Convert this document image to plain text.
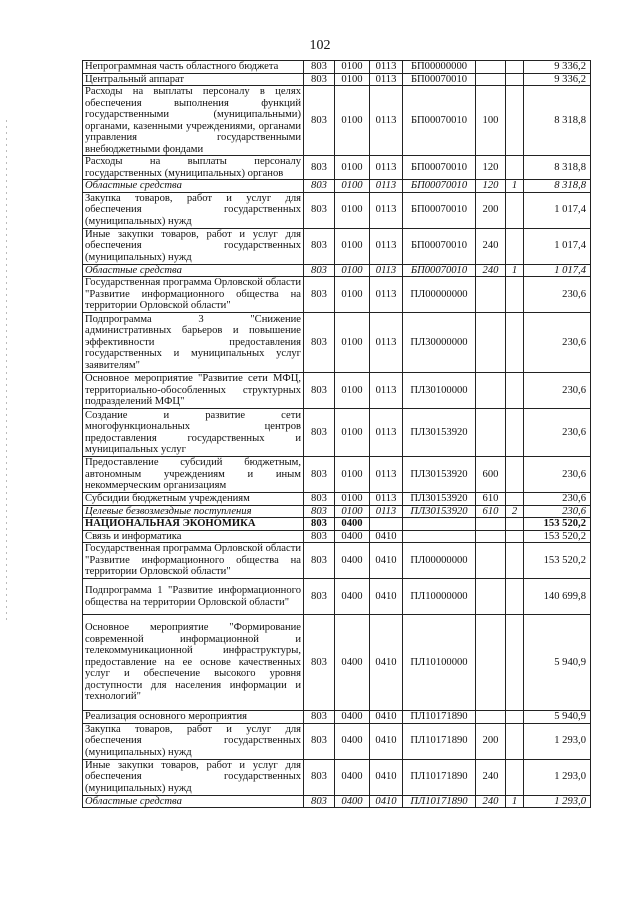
102
Непрограммная часть областного бюджета	803	0100	0113	БП00000000			9 336,2
Центральный аппарат	803	0100	0113	БП00070010			9 336,2
Расходы на выплаты персоналу в целях обеспечения выполнения функций государственными (муниципальными) органами, казенными учреждениями, органами управления государственными внебюджетными фондами	803	0100	0113	БП00070010	100		8 318,8
Расходы на выплаты персоналу государственных (муниципальных) органов	803	0100	0113	БП00070010	120		8 318,8
Областные средства	803	0100	0113	БП00070010	120	1	8 318,8
Закупка товаров, работ и услуг для обеспечения государственных (муниципальных) нужд	803	0100	0113	БП00070010	200		1 017,4
Иные закупки товаров, работ и услуг для обеспечения государственных (муниципальных) нужд	803	0100	0113	БП00070010	240		1 017,4
Областные средства	803	0100	0113	БП00070010	240	1	1 017,4
Государственная программа Орловской области "Развитие информационного общества на территории Орловской области"	803	0100	0113	ПЛ00000000			230,6
Подпрограмма 3 "Снижение административных барьеров и повышение эффективности предоставления государственных и муниципальных услуг заявителям"	803	0100	0113	ПЛ30000000			230,6
Основное мероприятие "Развитие сети МФЦ, территориально-обособленных структурных подразделений МФЦ"	803	0100	0113	ПЛ30100000			230,6
Создание и развитие сети многофункциональных центров предоставления государственных и муниципальных услуг	803	0100	0113	ПЛ30153920			230,6
Предоставление субсидий бюджетным, автономным учреждениям и иным некоммерческим организациям	803	0100	0113	ПЛ30153920	600		230,6
Субсидии бюджетным учреждениям	803	0100	0113	ПЛ30153920	610		230,6
Целевые безвозмездные поступления	803	0100	0113	ПЛ30153920	610	2	230,6
НАЦИОНАЛЬНАЯ ЭКОНОМИКА	803	0400					153 520,2
Связь и информатика	803	0400	0410				153 520,2
Государственная программа Орловской области "Развитие информационного общества на территории Орловской области"	803	0400	0410	ПЛ00000000			153 520,2
Подпрограмма 1 "Развитие информационного общества на территории Орловской области"	803	0400	0410	ПЛ10000000			140 699,8
Основное мероприятие "Формирование современной информационной и телекоммуникационной инфраструктуры, предоставление на ее основе качественных услуг и обеспечение высокого уровня доступности для населения информации и технологий"	803	0400	0410	ПЛ10100000			5 940,9
Реализация основного мероприятия	803	0400	0410	ПЛ10171890			5 940,9
Закупка товаров, работ и услуг для обеспечения государственных (муниципальных) нужд	803	0400	0410	ПЛ10171890	200		1 293,0
Иные закупки товаров, работ и услуг для обеспечения государственных (муниципальных) нужд	803	0400	0410	ПЛ10171890	240		1 293,0
Областные средства	803	0400	0410	ПЛ10171890	240	1	1 293,0
